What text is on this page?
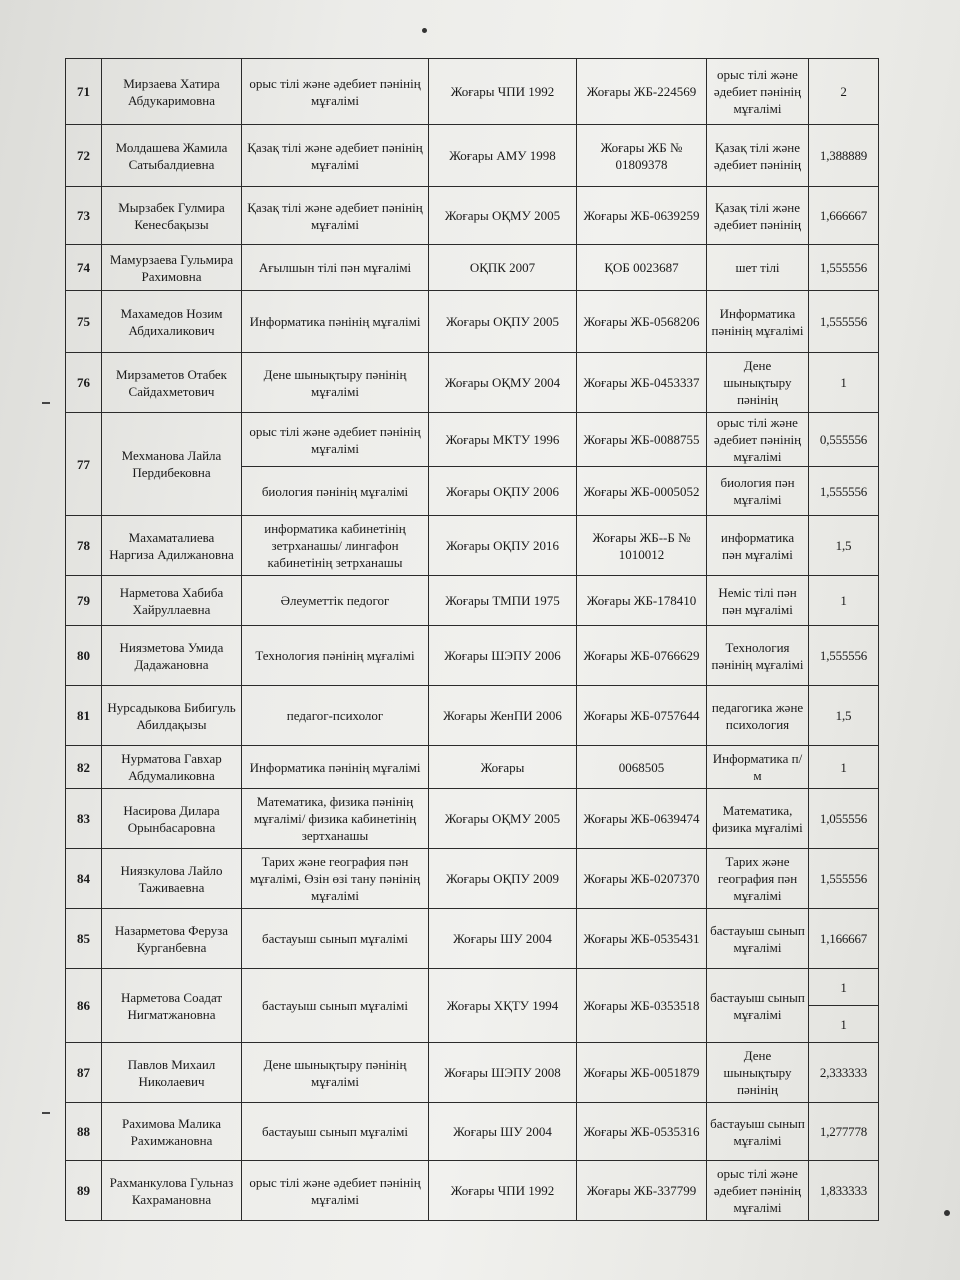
71	Мирзаева Хатира Абдукаримовна	орыс тілі және әдебиет пәнінің мұғалімі	Жоғары ЧПИ 1992	Жоғары ЖБ-224569	орыс тілі және әдебиет пәнінің мұғалімі	2
72	Молдашева Жамила Сатыбалдиевна	Қазақ тілі және әдебиет пәнінің мұғалімі	Жоғары АМУ 1998	Жоғары ЖБ № 01809378	Қазақ тілі және әдебиет пәнінің	1,388889
73	Мырзабек Гулмира Кенесбақызы	Қазақ тілі және әдебиет пәнінің мұғалімі	Жоғары ОҚМУ 2005	Жоғары ЖБ-0639259	Қазақ тілі және әдебиет пәнінің	1,666667
74	Мамурзаева Гульмира Рахимовна	Ағылшын тілі пән мұғалімі	ОҚПК 2007	ҚОБ 0023687	шет тілі	1,555556
75	Махамедов Нозим Абдихаликович	Информатика пәнінің мұғалімі	Жоғары ОҚПУ 2005	Жоғары ЖБ-0568206	Информатика пәнінің мұғалімі	1,555556
76	Мирзаметов Отабек Сайдахметович	Дене шынықтыру пәнінің мұғалімі	Жоғары ОҚМУ 2004	Жоғары ЖБ-0453337	Дене шынықтыру пәнінің	1
77	Мехманова Лайла Пердибековна	орыс тілі және әдебиет пәнінің мұғалімі	Жоғары МКТУ 1996	Жоғары ЖБ-0088755	орыс тілі және әдебиет пәнінің мұғалімі	0,555556
		биология пәнінің мұғалімі	Жоғары ОҚПУ 2006	Жоғары ЖБ-0005052	биология пән мұғалімі	1,555556
78	Махаматалиева Наргиза Адилжановна	информатика кабинетінің зетрханашы/ лингафон кабинетінің зетрханашы	Жоғары ОҚПУ 2016	Жоғары ЖБ--Б № 1010012	информатика пән мұғалімі	1,5
79	Нарметова Хабиба Хайруллаевна	Әлеуметтік педогог	Жоғары ТМПИ 1975	Жоғары ЖБ-178410	Неміс тілі пән пән мұғалімі	1
80	Ниязметова Умида Дадажановна	Технология пәнінің мұғалімі	Жоғары ШЭПУ 2006	Жоғары ЖБ-0766629	Технология пәнінің мұғалімі	1,555556
81	Нурсадыкова Бибигуль Абилдақызы	педагог-психолог	Жоғары ЖенПИ 2006	Жоғары ЖБ-0757644	педагогика және психология	1,5
82	Нурматова Гавхар Абдумаликовна	Информатика пәнінің мұғалімі	Жоғары	0068505	Информатика п/м	1
83	Насирова Дилара Орынбасаровна	Математика, физика пәнінің мұғалімі/ физика кабинетінің зертханашы	Жоғары ОҚМУ 2005	Жоғары ЖБ-0639474	Математика, физика мұғалімі	1,055556
84	Ниязкулова Лайло Таживаевна	Тарих және география пән мұғалімі, Өзін өзі тану пәнінің мұғалімі	Жоғары ОҚПУ 2009	Жоғары ЖБ-0207370	Тарих және география пән мұғалімі	1,555556
85	Назарметова Феруза Курганбевна	бастауыш сынып мұғалімі	Жоғары ШУ 2004	Жоғары ЖБ-0535431	бастауыш сынып мұғалімі	1,166667
86	Нарметова Соадат Нигматжановна	бастауыш сынып мұғалімі	Жоғары ХҚТУ 1994	Жоғары ЖБ-0353518	бастауыш сынып мұғалімі	1
						1
87	Павлов Михаил Николаевич	Дене шынықтыру пәнінің мұғалімі	Жоғары ШЭПУ 2008	Жоғары ЖБ-0051879	Дене шынықтыру пәнінің	2,333333
88	Рахимова Малика Рахимжановна	бастауыш сынып мұғалімі	Жоғары ШУ 2004	Жоғары ЖБ-0535316	бастауыш сынып мұғалімі	1,277778
89	Рахманкулова Гульназ Кахрамановна	орыс тілі және әдебиет пәнінің мұғалімі	Жоғары ЧПИ 1992	Жоғары ЖБ-337799	орыс тілі және әдебиет пәнінің мұғалімі	1,833333
